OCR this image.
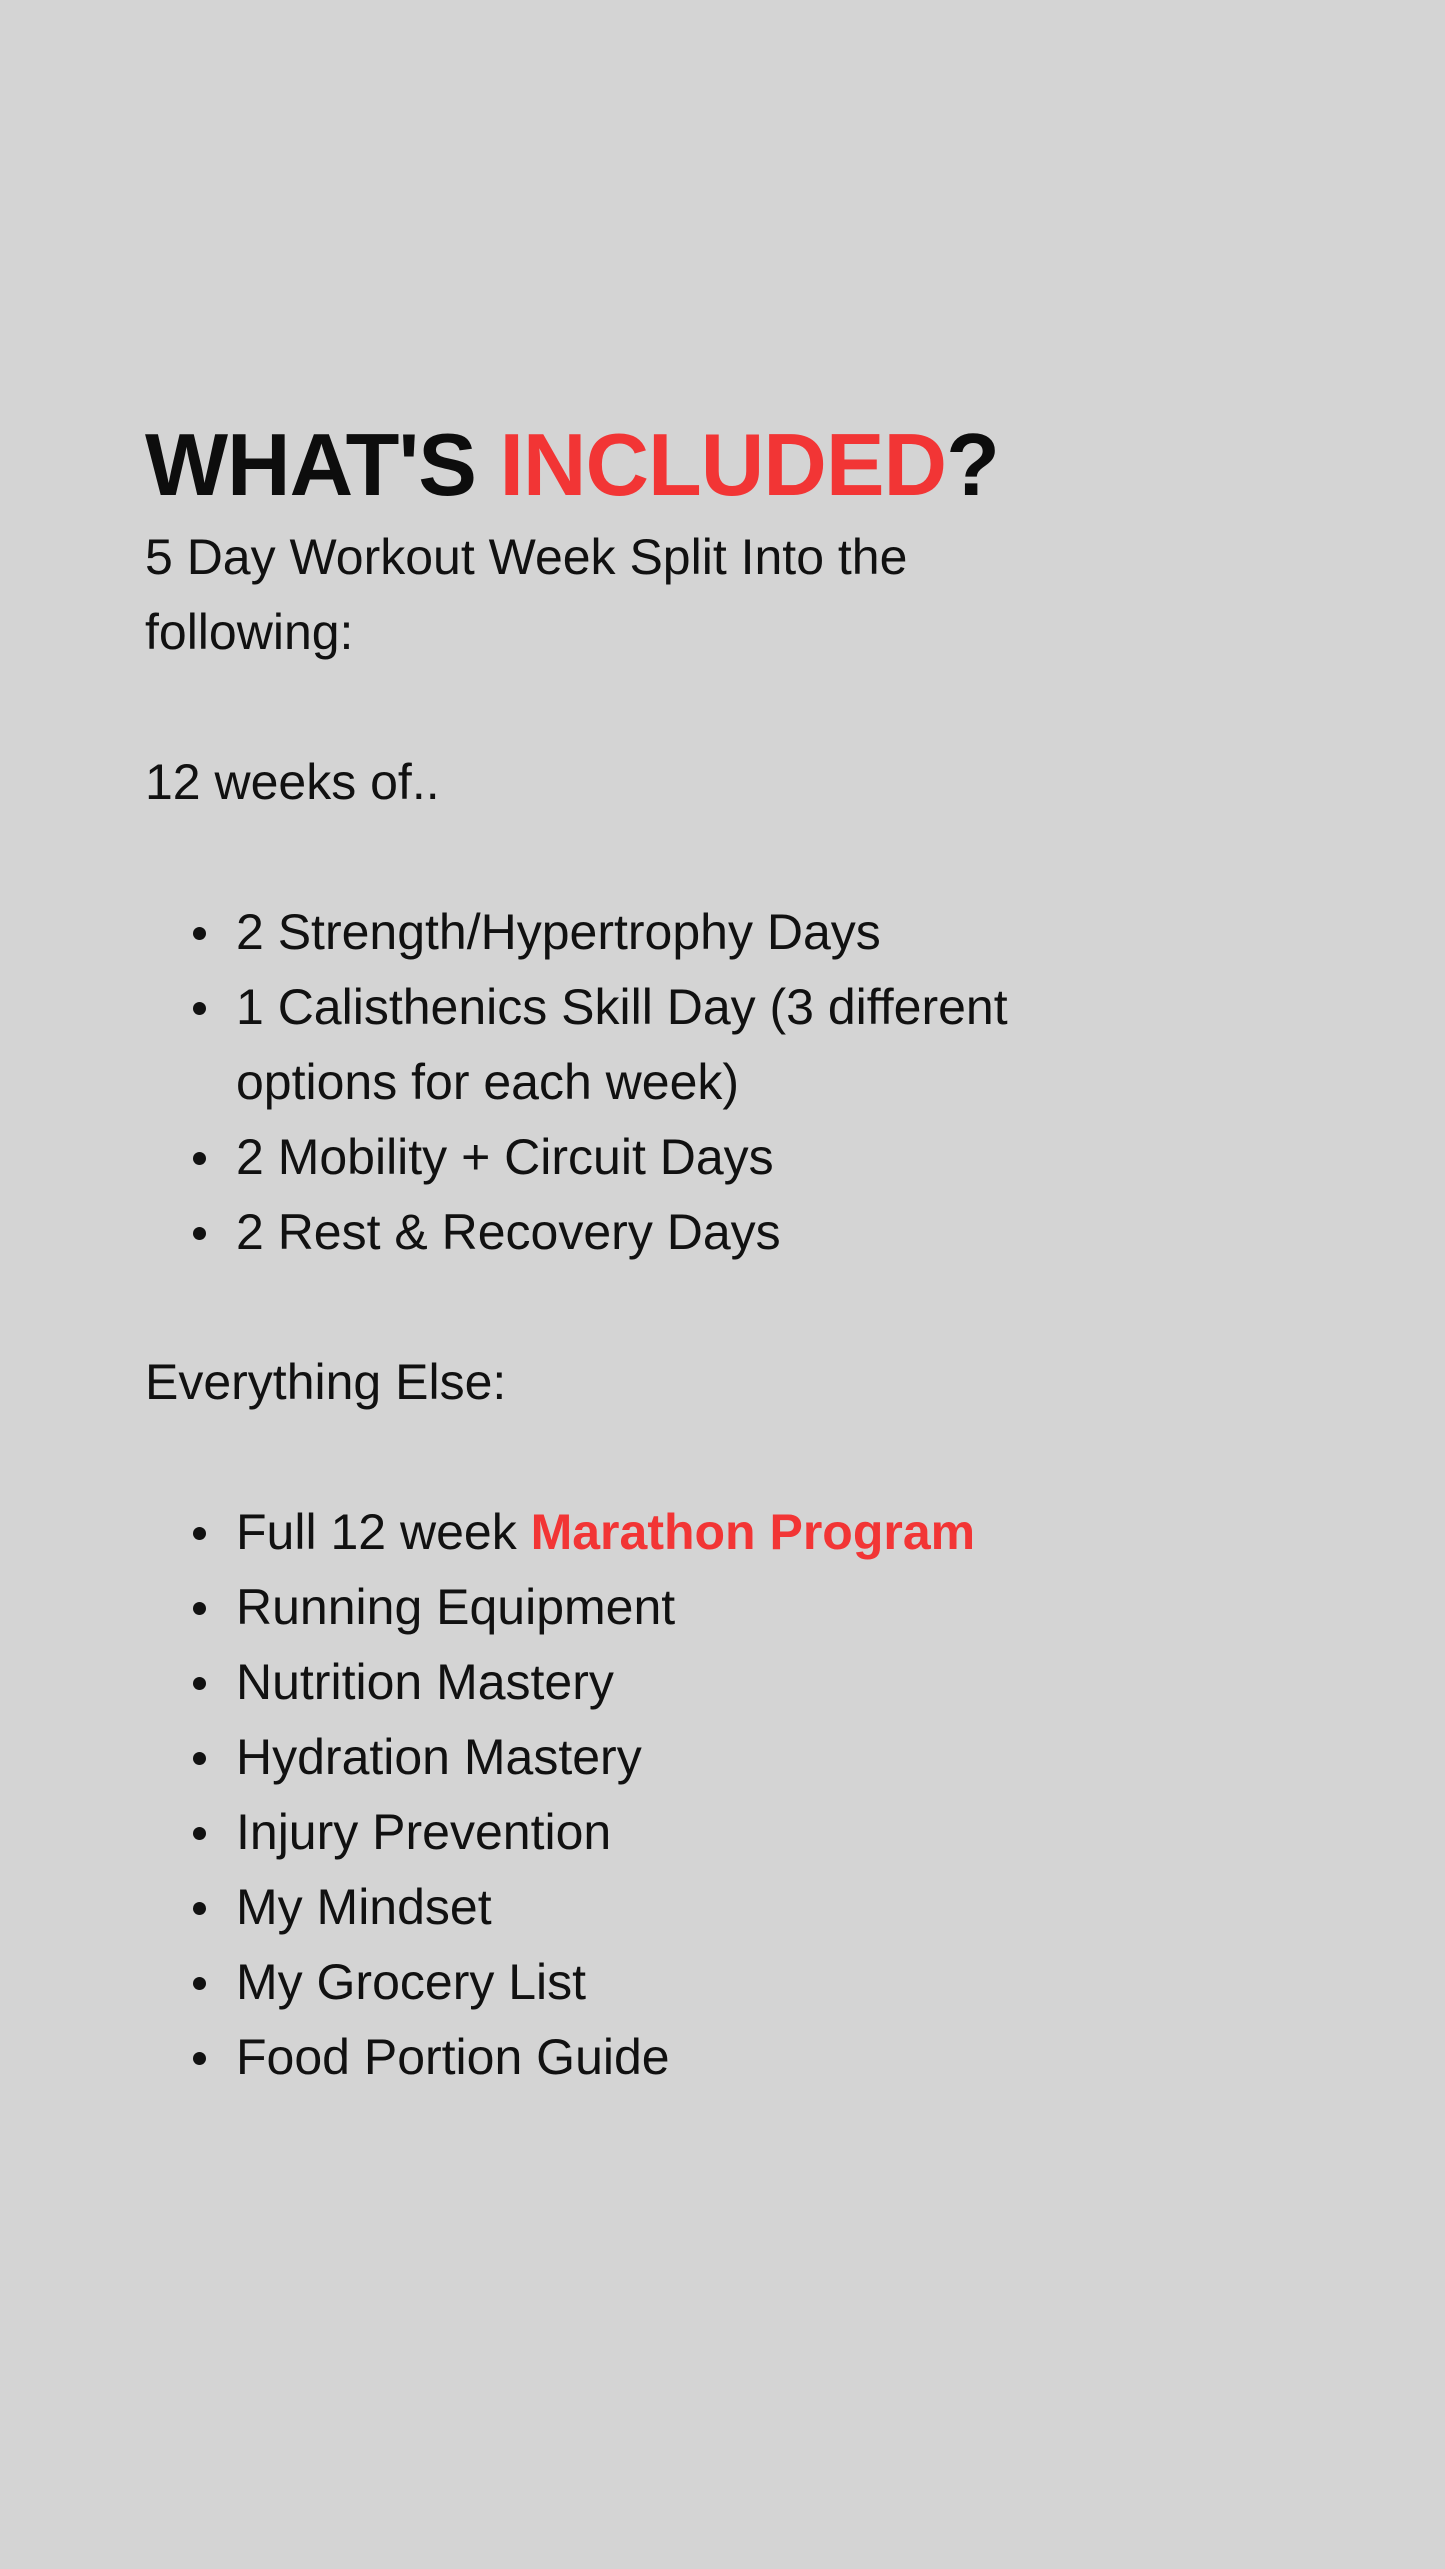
WHAT'S INCLUDED?

5 Day Workout Week Split Into the following:

12 weeks of..

2 Strength/Hypertrophy Days
1 Calisthenics Skill Day (3 different options for each week)
2 Mobility + Circuit Days
2 Rest & Recovery Days

Everything Else:

Full 12 week Marathon Program
Running Equipment
Nutrition Mastery
Hydration Mastery
Injury Prevention
My Mindset
My Grocery List
Food Portion Guide
